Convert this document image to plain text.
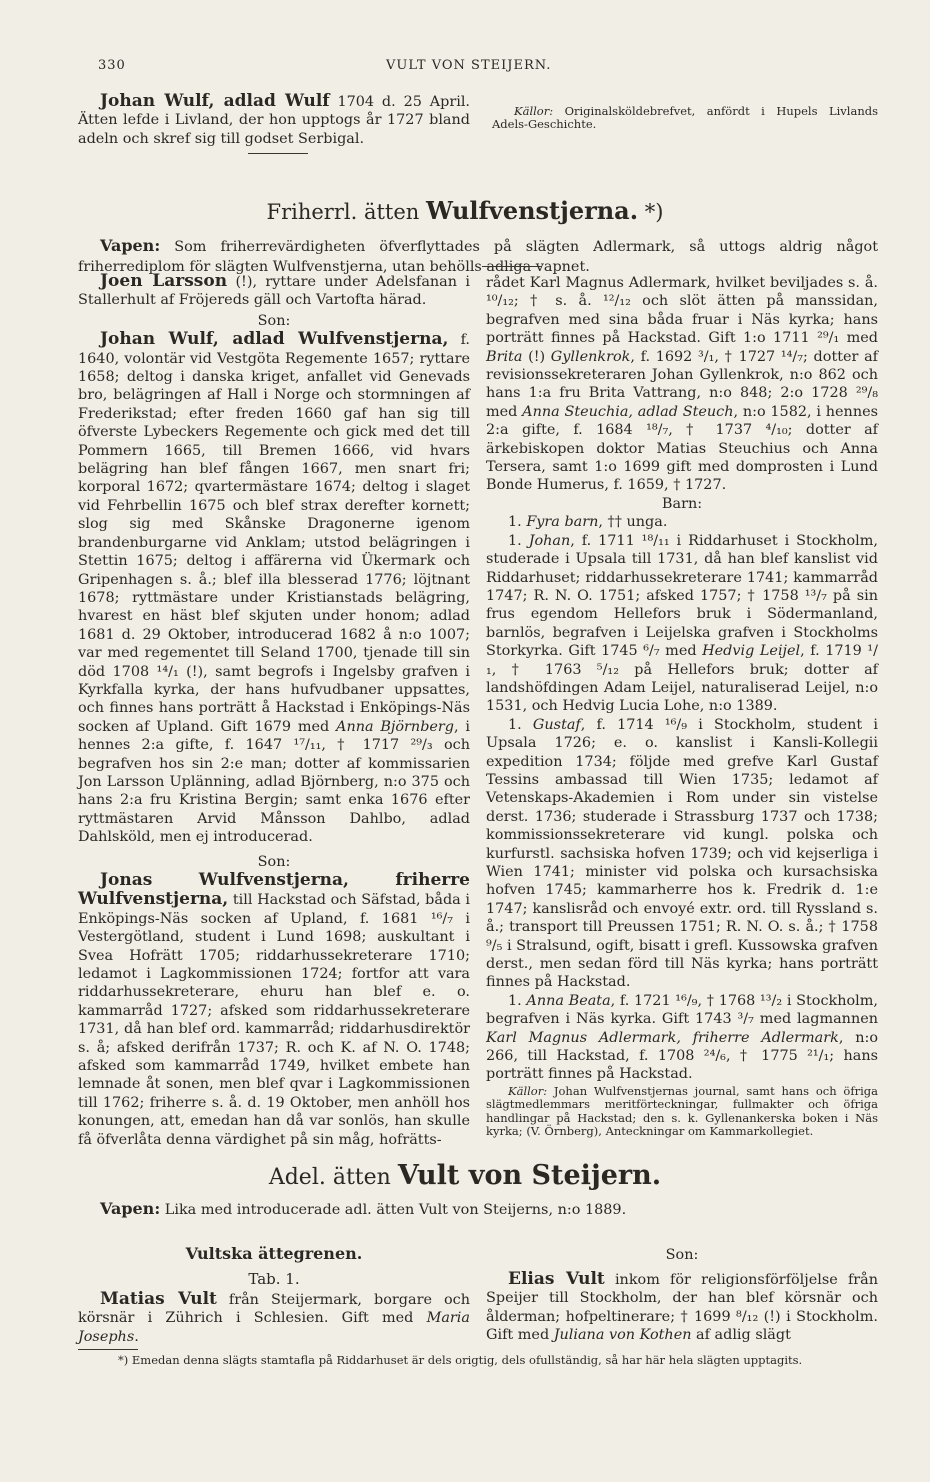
330	VULT VON STEIJERN.

Johan Wulf, adlad Wulf 1704 d. 25 April. Ätten lefde i Livland, der hon upptogs år 1727 bland adeln och skref sig till godset Serbigal.

Källor: Originalsköldebrefvet, anfördt i Hupels Livlands Adels-Geschichte.

Friherrl. ätten Wulfvenstjerna. *)

Vapen: Som friherrevärdigheten öfverflyttades på slägten Adlermark, så uttogs aldrig något friherrediplom för slägten Wulfvenstjerna, utan behölls adliga vapnet.

Joen Larsson (!), ryttare under Adelsfanan i Stallerhult af Fröjereds gäll och Vartofta härad.

Son:

Johan Wulf, adlad Wulfvenstjerna, f. 1640, volontär vid Vestgöta Regemente 1657; ryttare 1658; deltog i danska kriget, anfallet vid Genevads bro, belägringen af Hall i Norge och stormningen af Frederikstad; efter freden 1660 gaf han sig till öfverste Lybeckers Regemente och gick med det till Pommern 1665, till Bremen 1666, vid hvars belägring han blef fången 1667, men snart fri; korporal 1672; qvartermästare 1674; deltog i slaget vid Fehrbellin 1675 och blef strax derefter kornett; slog sig med Skånske Dragonerne igenom brandenburgarne vid Anklam; utstod belägringen i Stettin 1675; deltog i affärerna vid Ükermark och Gripenhagen s. å.; blef illa blesserad 1776; löjtnant 1678; ryttmästare under Kristianstads belägring, hvarest en häst blef skjuten under honom; adlad 1681 d. 29 Oktober, introducerad 1682 å n:o 1007; var med regementet till Seland 1700, tjenade till sin död 1708 ¹⁴/₁ (!), samt begrofs i Ingelsby grafven i Kyrkfalla kyrka, der hans hufvudbaner uppsattes, och finnes hans porträtt å Hackstad i Enköpings-Näs socken af Upland. Gift 1679 med Anna Björnberg, i hennes 2:a gifte, f. 1647 ¹⁷/₁₁, † 1717 ²⁹/₃ och begrafven hos sin 2:e man; dotter af kommissarien Jon Larsson Uplänning, adlad Björnberg, n:o 375 och hans 2:a fru Kristina Bergin; samt enka 1676 efter ryttmästaren Arvid Månsson Dahlbo, adlad Dahlsköld, men ej introducerad.

Son:

Jonas Wulfvenstjerna, friherre Wulfvenstjerna, till Hackstad och Säfstad, båda i Enköpings-Näs socken af Upland, f. 1681 ¹⁶/₇ i Vestergötland, student i Lund 1698; auskultant i Svea Hofrätt 1705; riddarhussekreterare 1710; ledamot i Lagkommissionen 1724; fortfor att vara riddarhussekreterare, ehuru han blef e. o. kammarråd 1727; afsked som riddarhussekreterare 1731, då han blef ord. kammarråd; riddarhusdirektör s. å; afsked derifrån 1737; R. och K. af N. O. 1748; afsked som kammarråd 1749, hvilket embete han lemnade åt sonen, men blef qvar i Lagkommissionen till 1762; friherre s. å. d. 19 Oktober, men anhöll hos konungen, att, emedan han då var sonlös, han skulle få öfverlåta denna värdighet på sin måg, hofrätts-

rådet Karl Magnus Adlermark, hvilket beviljades s. å. ¹⁰/₁₂; † s. å. ¹²/₁₂ och slöt ätten på manssidan, begrafven med sina båda fruar i Näs kyrka; hans porträtt finnes på Hackstad. Gift 1:o 1711 ²⁹/₁ med Brita (!) Gyllenkrok, f. 1692 ³/₁, † 1727 ¹⁴/₇; dotter af revisionssekreteraren Johan Gyllenkrok, n:o 862 och hans 1:a fru Brita Vattrang, n:o 848; 2:o 1728 ²⁹/₈ med Anna Steuchia, adlad Steuch, n:o 1582, i hennes 2:a gifte, f. 1684 ¹⁸/₇, † 1737 ⁴/₁₀; dotter af ärkebiskopen doktor Matias Steuchius och Anna Tersera, samt 1:o 1699 gift med domprosten i Lund Bonde Humerus, f. 1659, † 1727.

Barn:

1. Fyra barn, †† unga.

1. Johan, f. 1711 ¹⁸/₁₁ i Riddarhuset i Stockholm, studerade i Upsala till 1731, då han blef kanslist vid Riddarhuset; riddarhussekreterare 1741; kammarråd 1747; R. N. O. 1751; afsked 1757; † 1758 ¹³/₇ på sin frus egendom Hellefors bruk i Södermanland, barnlös, begrafven i Leijelska grafven i Stockholms Storkyrka. Gift 1745 ⁶/₇ med Hedvig Leijel, f. 1719 ¹/₁, † 1763 ⁵/₁₂ på Hellefors bruk; dotter af landshöfdingen Adam Leijel, naturaliserad Leijel, n:o 1531, och Hedvig Lucia Lohe, n:o 1389.

1. Gustaf, f. 1714 ¹⁶/₉ i Stockholm, student i Upsala 1726; e. o. kanslist i Kansli-Kollegii expedition 1734; följde med grefve Karl Gustaf Tessins ambassad till Wien 1735; ledamot af Vetenskaps-Akademien i Rom under sin vistelse derst. 1736; studerade i Strassburg 1737 och 1738; kommissionssekreterare vid kungl. polska och kurfurstl. sachsiska hofven 1739; och vid kejserliga i Wien 1741; minister vid polska och kursachsiska hofven 1745; kammarherre hos k. Fredrik d. 1:e 1747; kanslisråd och envoyé extr. ord. till Ryssland s. å.; transport till Preussen 1751; R. N. O. s. å.; † 1758 ⁹/₅ i Stralsund, ogift, bisatt i grefl. Kussowska grafven derst., men sedan förd till Näs kyrka; hans porträtt finnes på Hackstad.

1. Anna Beata, f. 1721 ¹⁶/₉, † 1768 ¹³/₂ i Stockholm, begrafven i Näs kyrka. Gift 1743 ³/₇ med lagmannen Karl Magnus Adlermark, friherre Adlermark, n:o 266, till Hackstad, f. 1708 ²⁴/₆, † 1775 ²¹/₁; hans porträtt finnes på Hackstad.

Källor: Johan Wulfvenstjernas journal, samt hans och öfriga slägtmedlemmars meritförteckningar, fullmakter och öfriga handlingar på Hackstad; den s. k. Gyllenankerska boken i Näs kyrka; (V. Örnberg), Anteckningar om Kammarkollegiet.

Adel. ätten Vult von Steijern.

Vapen: Lika med introducerade adl. ätten Vult von Steijerns, n:o 1889.

Vultska ättegrenen.
Tab. 1.

Matias Vult från Steijermark, borgare och körsnär i Zührich i Schlesien. Gift med Maria Josephs.

Son:

Elias Vult inkom för religionsförföljelse från Speijer till Stockholm, der han blef körsnär och ålderman; hofpeltinerare; † 1699 ⁸/₁₂ (!) i Stockholm. Gift med Juliana von Kothen af adlig slägt

*) Emedan denna slägts stamtafla på Riddarhuset är dels origtig, dels ofullständig, så har här hela slägten upptagits.
